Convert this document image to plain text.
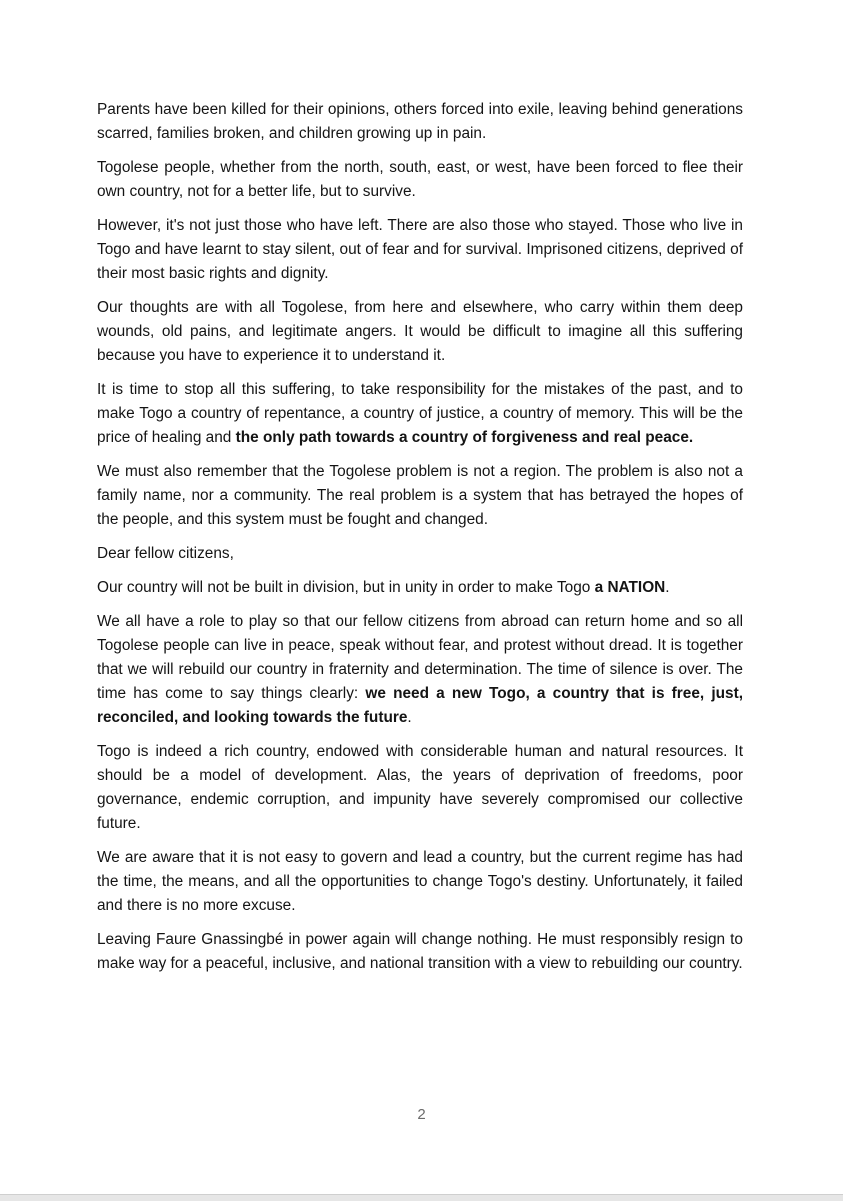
Parents have been killed for their opinions, others forced into exile, leaving behind generations scarred, families broken, and children growing up in pain.

Togolese people, whether from the north, south, east, or west, have been forced to flee their own country, not for a better life, but to survive.

However, it's not just those who have left. There are also those who stayed. Those who live in Togo and have learnt to stay silent, out of fear and for survival. Imprisoned citizens, deprived of their most basic rights and dignity.

Our thoughts are with all Togolese, from here and elsewhere, who carry within them deep wounds, old pains, and legitimate angers. It would be difficult to imagine all this suffering because you have to experience it to understand it.

It is time to stop all this suffering, to take responsibility for the mistakes of the past, and to make Togo a country of repentance, a country of justice, a country of memory. This will be the price of healing and the only path towards a country of forgiveness and real peace.

We must also remember that the Togolese problem is not a region. The problem is also not a family name, nor a community. The real problem is a system that has betrayed the hopes of the people, and this system must be fought and changed.

Dear fellow citizens,

Our country will not be built in division, but in unity in order to make Togo a NATION.

We all have a role to play so that our fellow citizens from abroad can return home and so all Togolese people can live in peace, speak without fear, and protest without dread. It is together that we will rebuild our country in fraternity and determination. The time of silence is over. The time has come to say things clearly: we need a new Togo, a country that is free, just, reconciled, and looking towards the future.

Togo is indeed a rich country, endowed with considerable human and natural resources. It should be a model of development. Alas, the years of deprivation of freedoms, poor governance, endemic corruption, and impunity have severely compromised our collective future.

We are aware that it is not easy to govern and lead a country, but the current regime has had the time, the means, and all the opportunities to change Togo's destiny. Unfortunately, it failed and there is no more excuse.

Leaving Faure Gnassingbé in power again will change nothing. He must responsibly resign to make way for a peaceful, inclusive, and national transition with a view to rebuilding our country.

2
